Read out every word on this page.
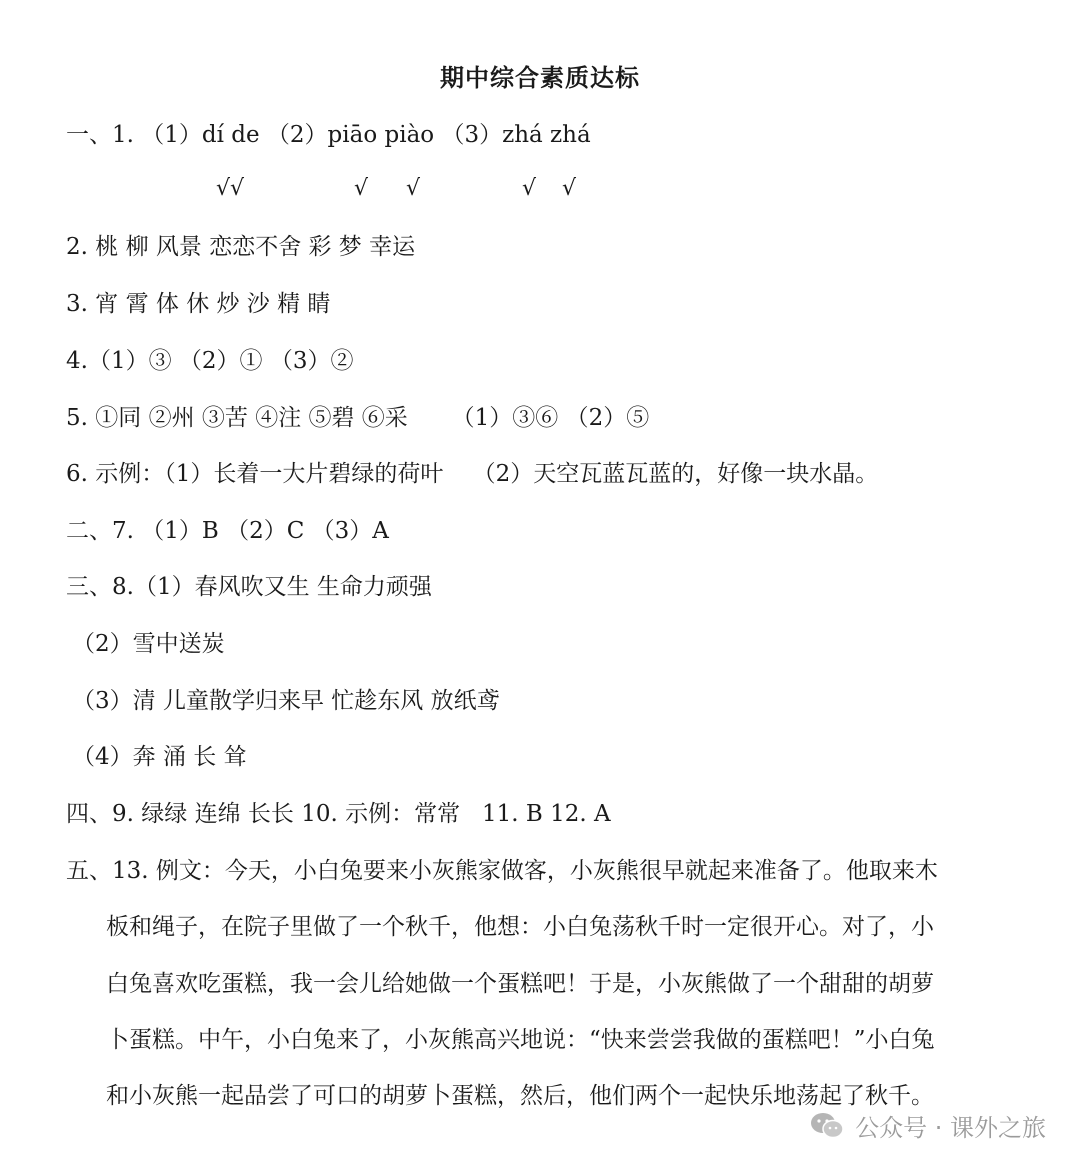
期中综合素质达标
一、1. （1）dí de （2）piāo piào （3）zhá zhá
√√	√ √	√ √
2. 桃 柳 风景 恋恋不舍 彩 梦 幸运
3. 宵 霄 体 休 炒 沙 精 睛
4.（1）③ （2）① （3）②
5. ①同 ②州 ③苦 ④注 ⑤碧 ⑥采      （1）③⑥ （2）⑤
6. 示例：（1）长着一大片碧绿的荷叶    （2）天空瓦蓝瓦蓝的，好像一块水晶。
二、7. （1）B （2）C （3）A
三、8.（1）春风吹又生 生命力顽强
（2）雪中送炭
（3）清 儿童散学归来早 忙趁东风 放纸鸢
（4）奔 涌 长 耸
四、9. 绿绿 连绵 长长 10. 示例：常常   11. B 12. A
五、13. 例文：今天，小白兔要来小灰熊家做客，小灰熊很早就起来准备了。他取来木
板和绳子，在院子里做了一个秋千，他想：小白兔荡秋千时一定很开心。对了，小
白兔喜欢吃蛋糕，我一会儿给她做一个蛋糕吧！于是，小灰熊做了一个甜甜的胡萝
卜蛋糕。中午，小白兔来了，小灰熊高兴地说：“快来尝尝我做的蛋糕吧！”小白兔
和小灰熊一起品尝了可口的胡萝卜蛋糕，然后，他们两个一起快乐地荡起了秋千。
公众号 · 课外之旅
